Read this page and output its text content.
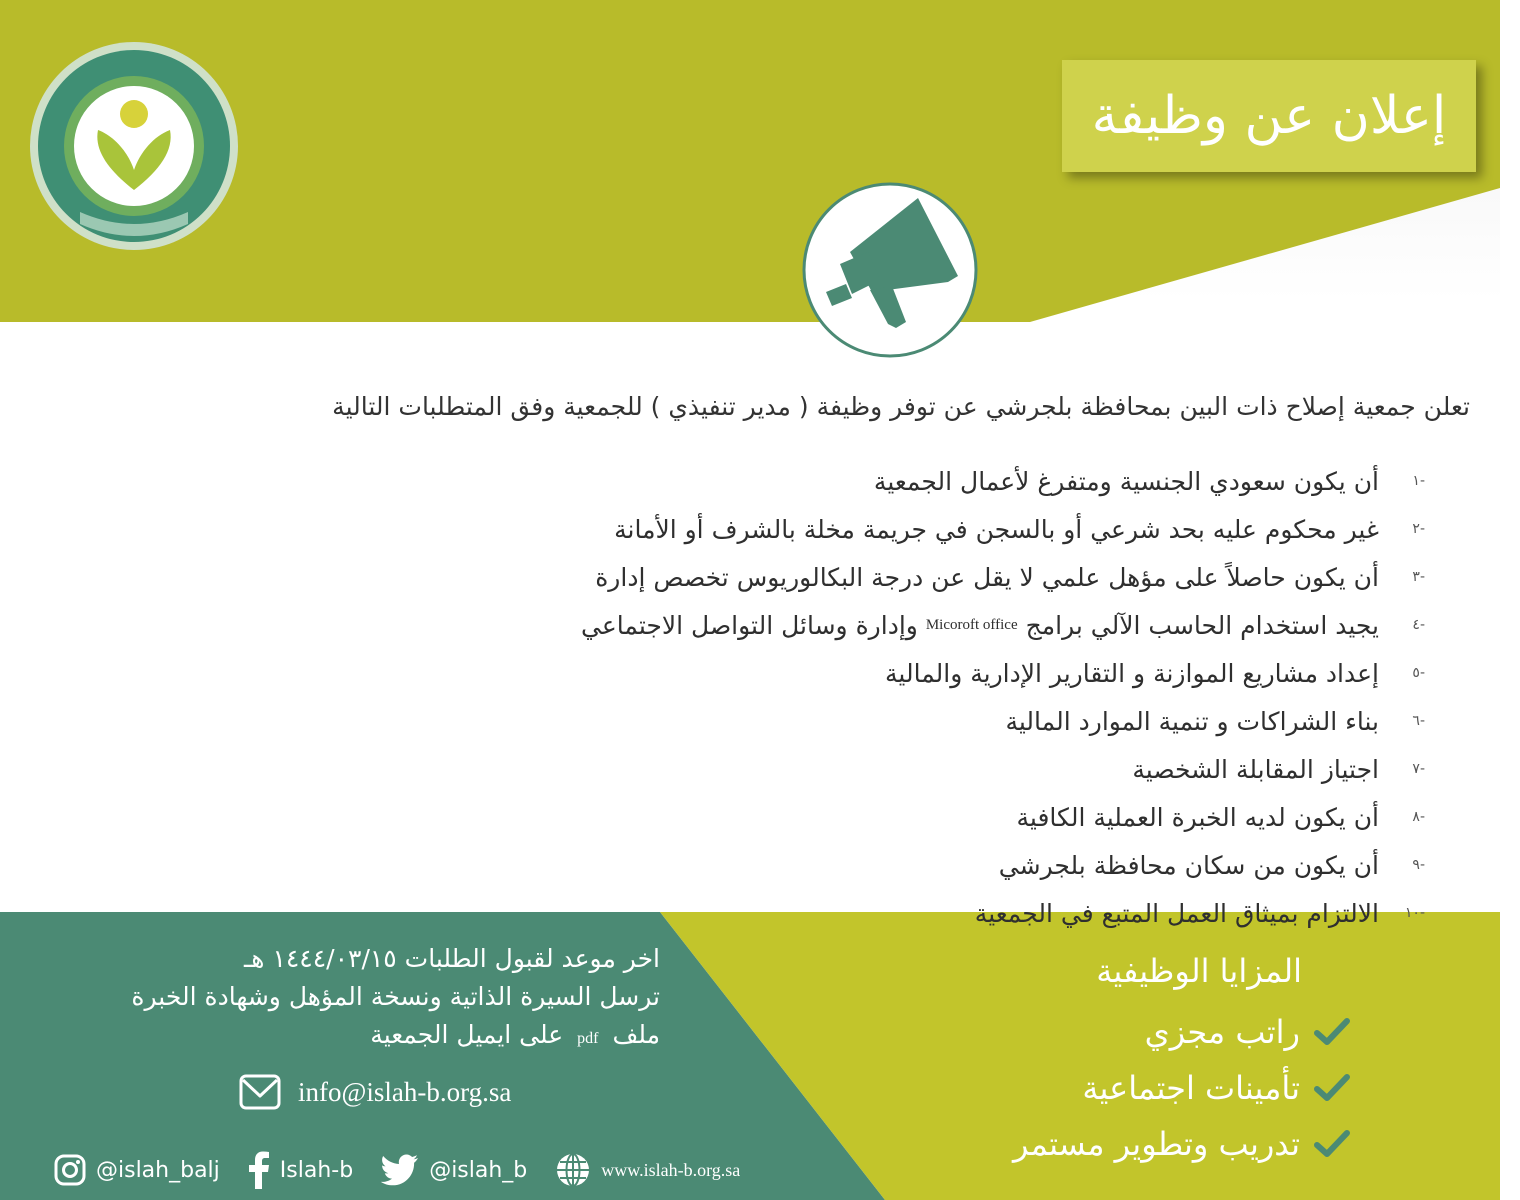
إعلان عن وظيفة
تعلن جمعية إصلاح ذات البين بمحافظة بلجرشي عن توفر وظيفة ( مدير تنفيذي ) للجمعية وفق المتطلبات التالية
-١
أن يكون سعودي الجنسية ومتفرغ لأعمال الجمعية
-٢
غير محكوم عليه بحد شرعي أو بالسجن في جريمة مخلة بالشرف أو الأمانة
-٣
أن يكون حاصلاً على مؤهل علمي لا يقل عن درجة البكالوريوس تخصص إدارة
-٤
يجيد استخدام الحاسب الآلي برامج
Micoroft office
وإدارة وسائل التواصل الاجتماعي
-٥
إعداد مشاريع الموازنة و التقارير الإدارية والمالية
-٦
بناء الشراكات و تنمية الموارد المالية
-٧
اجتياز المقابلة الشخصية
-٨
أن يكون لديه الخبرة العملية الكافية
-٩
أن يكون من سكان محافظة بلجرشي
-١٠
الالتزام بميثاق العمل المتبع في الجمعية
اخر موعد لقبول الطلبات ١٤٤٤/٠٣/١٥ هـ
ترسل السيرة الذاتية ونسخة المؤهل وشهادة الخبرة
ملف pdf على ايميل الجمعية
info@islah-b.org.sa
@islah_balj	Islah-b	@islah_b	www.islah-b.org.sa
المزايا الوظيفية
راتب مجزي
تأمينات اجتماعية
تدريب وتطوير مستمر
